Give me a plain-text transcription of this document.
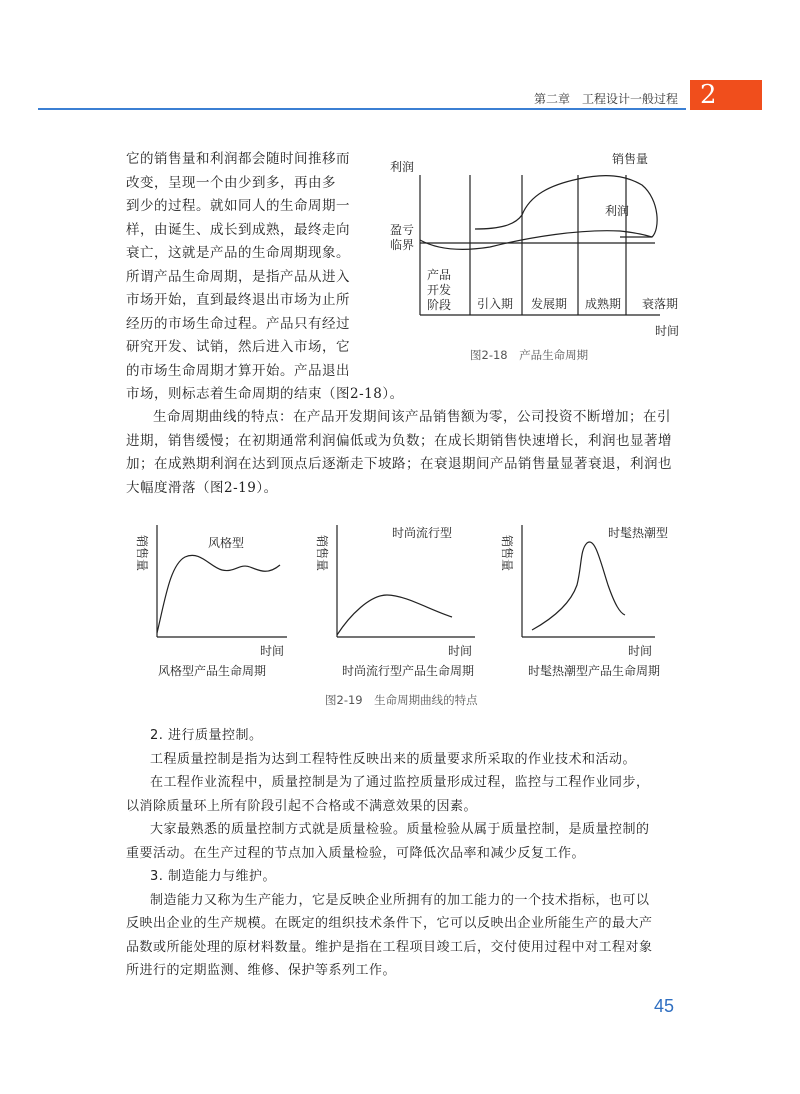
第二章　工程设计一般过程 2
它的销售量和利润都会随时间推移而
改变，呈现一个由少到多，再由多
到少的过程。就如同人的生命周期一
样，由诞生、成长到成熟，最终走向
衰亡，这就是产品的生命周期现象。
所谓产品生命周期，是指产品从进入
市场开始，直到最终退出市场为止所
经历的市场生命过程。产品只有经过
研究开发、试销，然后进入市场，它
的市场生命周期才算开始。产品退出
市场，则标志着生命周期的结束（图2-18）。
利润
盈亏
临界
销售量
利润
产品
开发
阶段 引入期 发展期 成熟期 衰落期
时间
图2-18　产品生命周期
生命周期曲线的特点：在产品开发期间该产品销售额为零，公司投资不断增加；在引
进期，销售缓慢；在初期通常利润偏低或为负数；在成长期销售快速增长，利润也显著增
加；在成熟期利润在达到顶点后逐渐走下坡路；在衰退期间产品销售量显著衰退，利润也
大幅度滑落（图2-19）。
销售量	风格型
时间
风格型产品生命周期
销售量
时尚流行型
时间
时尚流行型产品生命周期
销售量
时髦热潮型
时间
时髦热潮型产品生命周期
图2-19　生命周期曲线的特点
2. 进行质量控制。
工程质量控制是指为达到工程特性反映出来的质量要求所采取的作业技术和活动。
在工程作业流程中，质量控制是为了通过监控质量形成过程，监控与工程作业同步，
以消除质量环上所有阶段引起不合格或不满意效果的因素。
大家最熟悉的质量控制方式就是质量检验。质量检验从属于质量控制，是质量控制的
重要活动。在生产过程的节点加入质量检验，可降低次品率和减少反复工作。
3. 制造能力与维护。
制造能力又称为生产能力，它是反映企业所拥有的加工能力的一个技术指标，也可以
反映出企业的生产规模。在既定的组织技术条件下，它可以反映出企业所能生产的最大产
品数或所能处理的原材料数量。维护是指在工程项目竣工后，交付使用过程中对工程对象
所进行的定期监测、维修、保护等系列工作。
45
